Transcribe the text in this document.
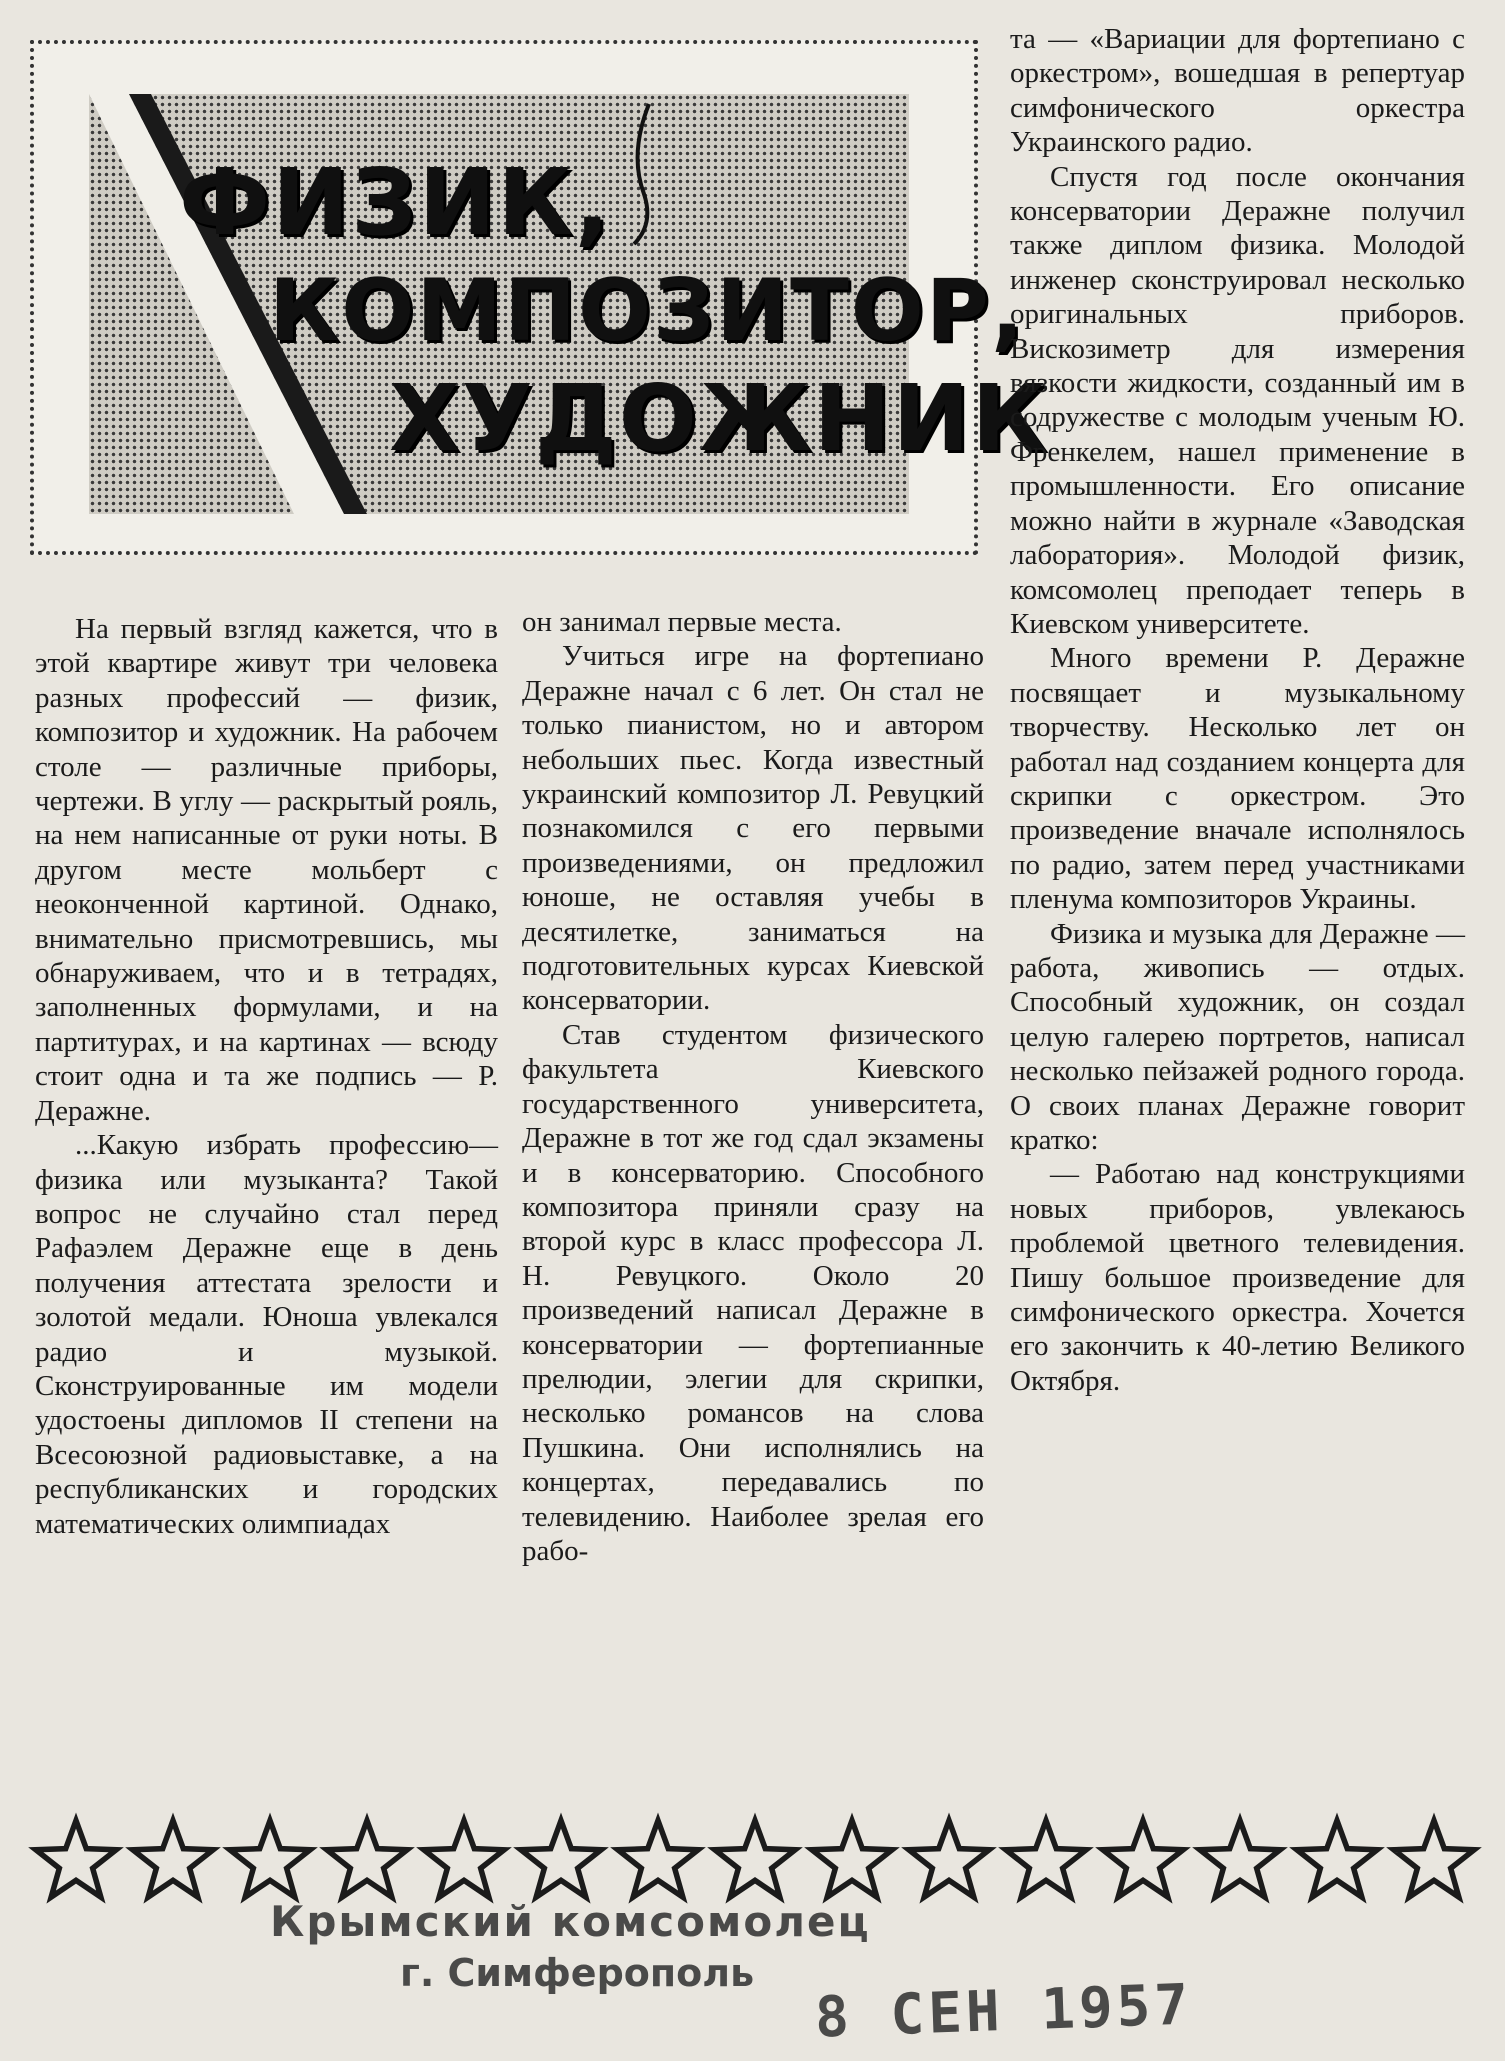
ФИЗИК,
КОМПОЗИТОР,
ХУДОЖНИК

На первый взгляд кажется, что в этой квартире живут три человека разных профессий — физик, композитор и художник. На рабочем столе — различные приборы, чертежи. В углу — раскрытый рояль, на нем написанные от руки ноты. В другом месте мольберт с неоконченной картиной. Однако, внимательно присмотревшись, мы обнаруживаем, что и в тетрадях, заполненных формулами, и на партитурах, и на картинах — всюду стоит одна и та же подпись — Р. Деражне.

...Какую избрать профессию—физика или музыканта? Такой вопрос не случайно стал перед Рафаэлем Деражне еще в день получения аттестата зрелости и золотой медали. Юноша увлекался радио и музыкой. Сконструированные им модели удостоены дипломов II степени на Всесоюзной радиовыставке, а на республиканских и городских математических олимпиадах

он занимал первые места.

Учиться игре на фортепиано Деражне начал с 6 лет. Он стал не только пианистом, но и автором небольших пьес. Когда известный украинский композитор Л. Ревуцкий познакомился с его первыми произведениями, он предложил юноше, не оставляя учебы в десятилетке, заниматься на подготовительных курсах Киевской консерватории.

Став студентом физического факультета Киевского государственного университета, Деражне в тот же год сдал экзамены и в консерваторию. Способного композитора приняли сразу на второй курс в класс профессора Л. Н. Ревуцкого. Около 20 произведений написал Деражне в консерватории — фортепианные прелюдии, элегии для скрипки, несколько романсов на слова Пушкина. Они исполнялись на концертах, передавались по телевидению. Наиболее зрелая его рабо-

та — «Вариации для фортепиано с оркестром», вошедшая в репертуар симфонического оркестра Украинского радио.

Спустя год после окончания консерватории Деражне получил также диплом физика. Молодой инженер сконструировал несколько оригинальных приборов. Вискозиметр для измерения вязкости жидкости, созданный им в содружестве с молодым ученым Ю. Френкелем, нашел применение в промышленности. Его описание можно найти в журнале «Заводская лаборатория». Молодой физик, комсомолец преподает теперь в Киевском университете.

Много времени Р. Деражне посвящает и музыкальному творчеству. Несколько лет он работал над созданием концерта для скрипки с оркестром. Это произведение вначале исполнялось по радио, затем перед участниками пленума композиторов Украины.

Физика и музыка для Деражне — работа, живопись — отдых. Способный художник, он создал целую галерею портретов, написал несколько пейзажей родного города. О своих планах Деражне говорит кратко:

— Работаю над конструкциями новых приборов, увлекаюсь проблемой цветного телевидения. Пишу большое произведение для симфонического оркестра. Хочется его закончить к 40-летию Великого Октября.

Крымский комсомолец
г. Симферополь 8 СЕН 1957
